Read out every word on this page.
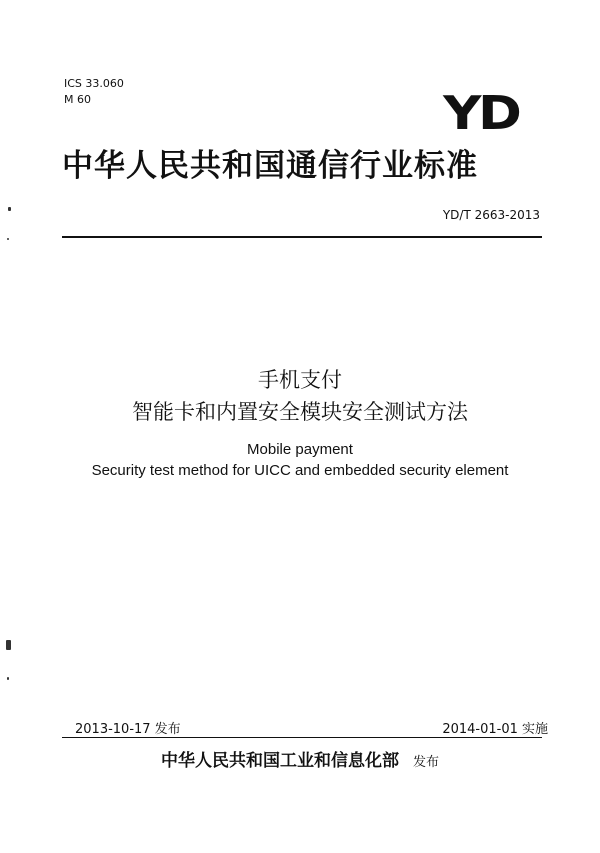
ICS 33.060
M 60	YD
中华人民共和国通信行业标准
YD/T 2663-2013
手机支付
智能卡和内置安全模块安全测试方法
Mobile payment
Security test method for UICC and embedded security element
2013-10-17 发布	2014-01-01 实施
中华人民共和国工业和信息化部 发布
